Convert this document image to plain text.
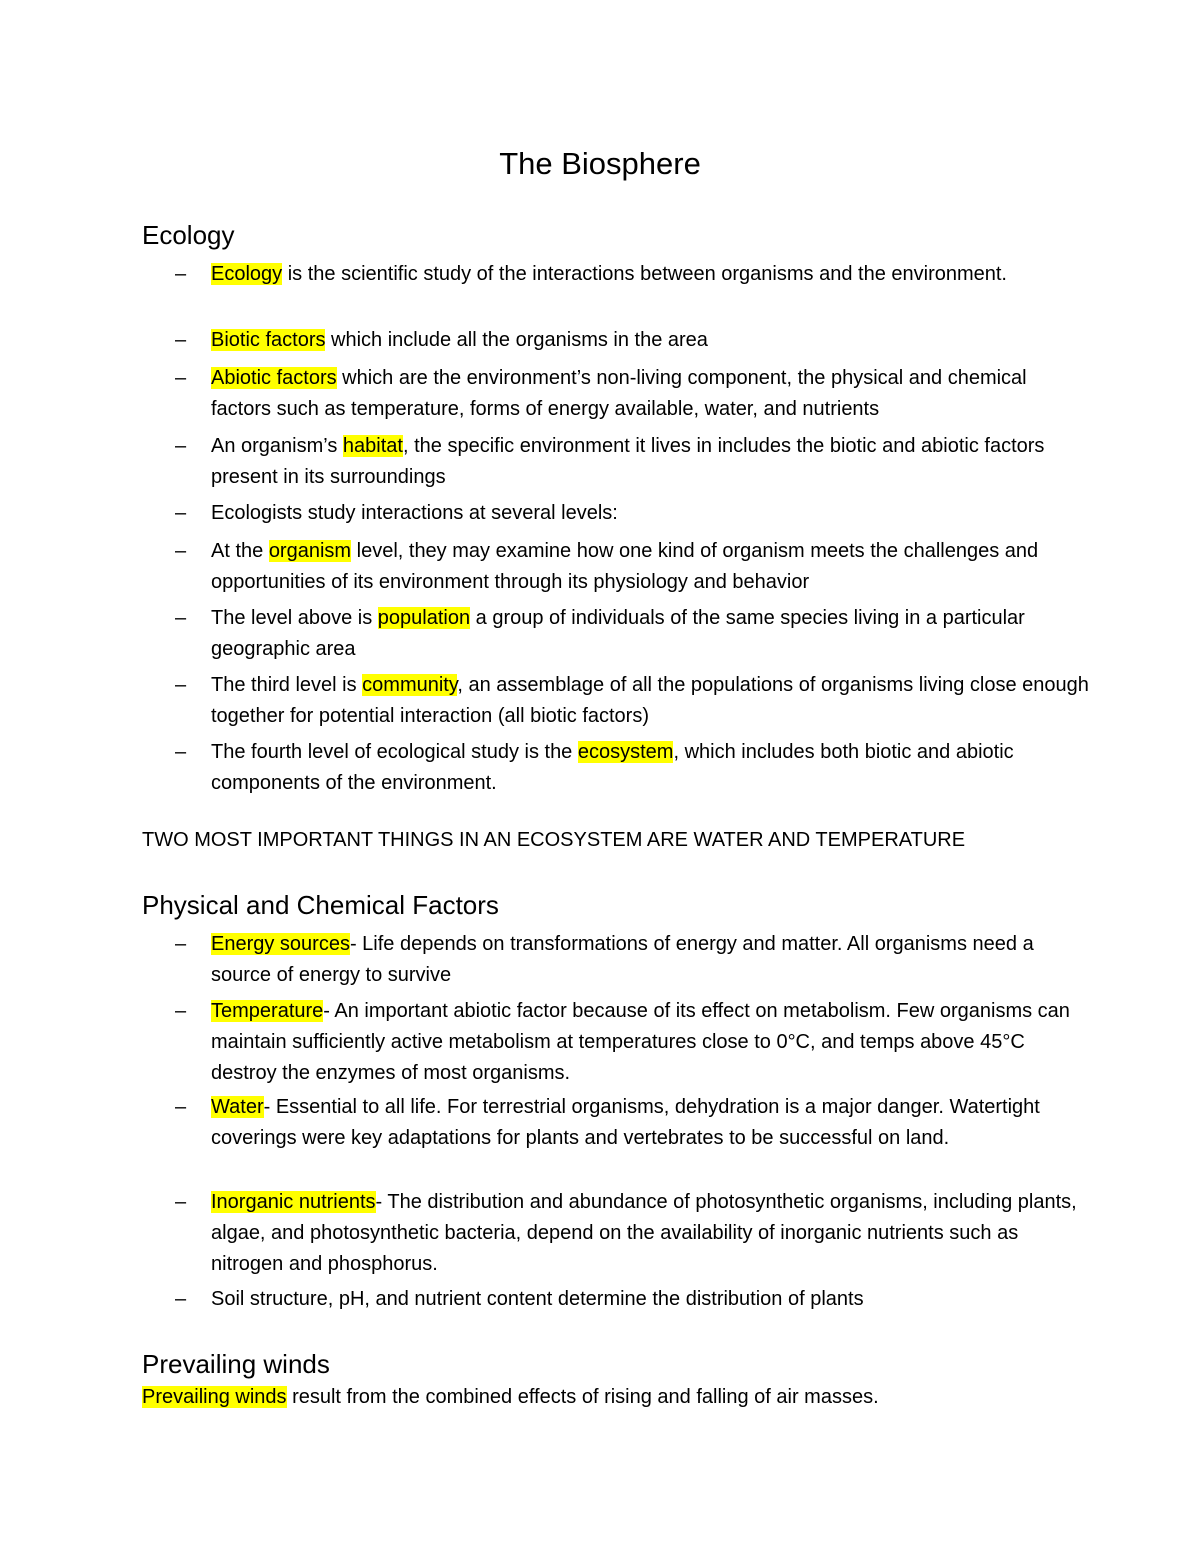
The Biosphere
Ecology
– Ecology is the scientific study of the interactions between organisms and the environment.
– Biotic factors which include all the organisms in the area
– Abiotic factors which are the environment’s non-living component, the physical and chemical factors such as temperature, forms of energy available, water, and nutrients
– An organism’s habitat, the specific environment it lives in includes the biotic and abiotic factors present in its surroundings
– Ecologists study interactions at several levels:
– At the organism level, they may examine how one kind of organism meets the challenges and opportunities of its environment through its physiology and behavior
– The level above is population a group of individuals of the same species living in a particular geographic area
– The third level is community, an assemblage of all the populations of organisms living close enough together for potential interaction (all biotic factors)
– The fourth level of ecological study is the ecosystem, which includes both biotic and abiotic components of the environment.
TWO MOST IMPORTANT THINGS IN AN ECOSYSTEM ARE WATER AND TEMPERATURE
Physical and Chemical Factors
– Energy sources- Life depends on transformations of energy and matter. All organisms need a source of energy to survive
– Temperature- An important abiotic factor because of its effect on metabolism. Few organisms can maintain sufficiently active metabolism at temperatures close to 0°C, and temps above 45°C destroy the enzymes of most organisms.
– Water- Essential to all life. For terrestrial organisms, dehydration is a major danger. Watertight coverings were key adaptations for plants and vertebrates to be successful on land.
– Inorganic nutrients- The distribution and abundance of photosynthetic organisms, including plants, algae, and photosynthetic bacteria, depend on the availability of inorganic nutrients such as nitrogen and phosphorus.
– Soil structure, pH, and nutrient content determine the distribution of plants
Prevailing winds
Prevailing winds result from the combined effects of rising and falling of air masses.
